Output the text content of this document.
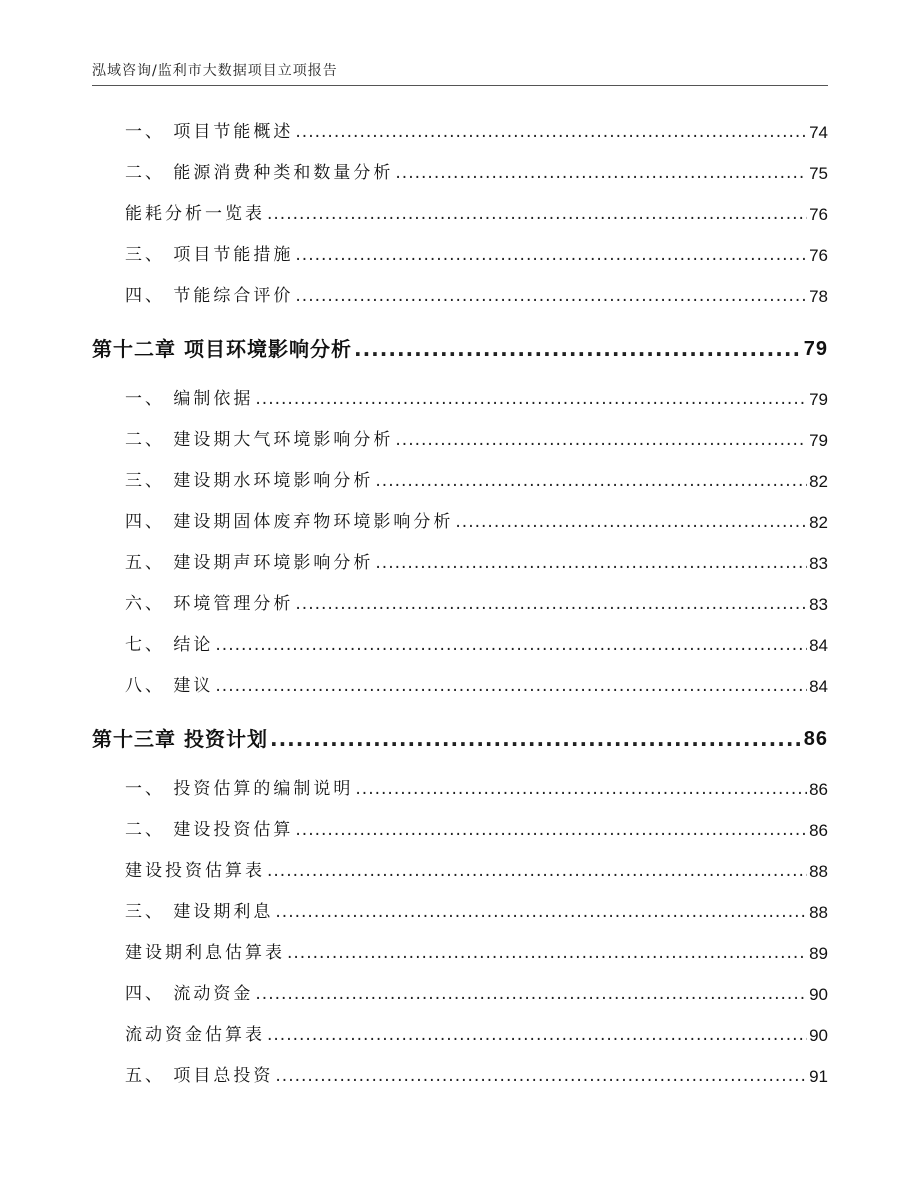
泓域咨询/监利市大数据项目立项报告
一、 项目节能概述 .....	74
二、 能源消费种类和数量分析 .....	75
能耗分析一览表 .....	76
三、 项目节能措施 .....	76
四、 节能综合评价 .....	78
第十二章 项目环境影响分析 .....	79
一、 编制依据 .....	79
二、 建设期大气环境影响分析 .....	79
三、 建设期水环境影响分析 .....	82
四、 建设期固体废弃物环境影响分析 .....	82
五、 建设期声环境影响分析 .....	83
六、 环境管理分析 .....	83
七、 结论 .....	84
八、 建议 .....	84
第十三章 投资计划 .....	86
一、 投资估算的编制说明 .....	86
二、 建设投资估算 .....	86
建设投资估算表 .....	88
三、 建设期利息 .....	88
建设期利息估算表 .....	89
四、 流动资金 .....	90
流动资金估算表 .....	90
五、 项目总投资 .....	91
